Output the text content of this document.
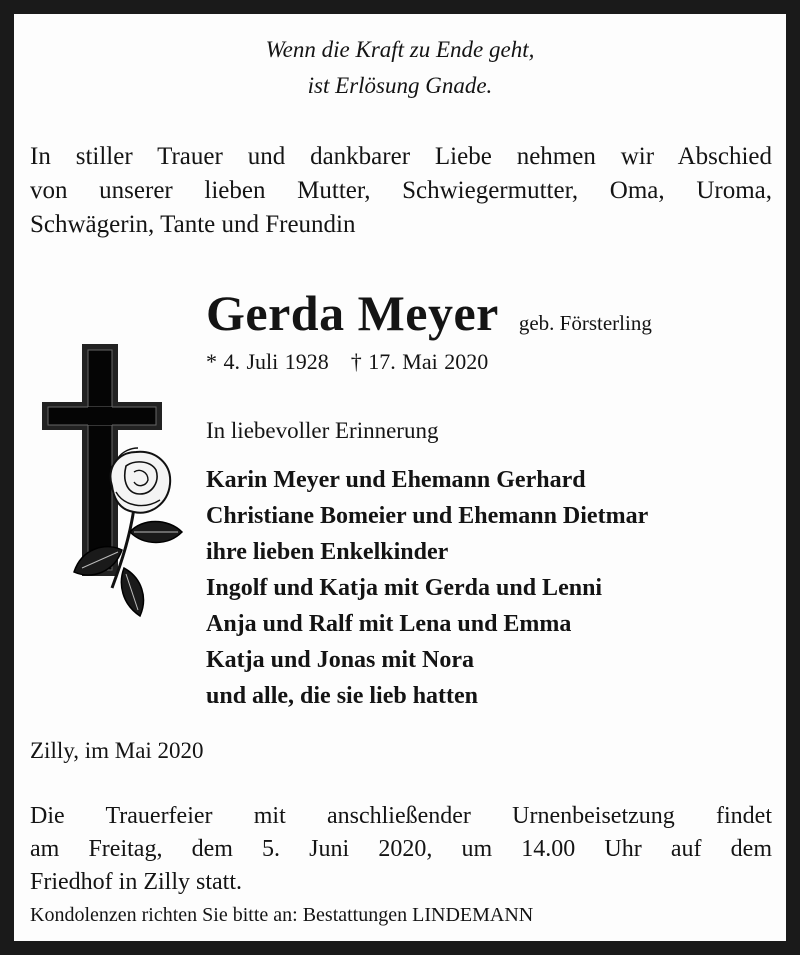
Wenn die Kraft zu Ende geht,
ist Erlösung Gnade.
In stiller Trauer und dankbarer Liebe nehmen wir Abschied
von unserer lieben Mutter, Schwiegermutter, Oma, Uroma,
Schwägerin, Tante und Freundin
Gerda Meyer geb. Försterling
* 4. Juli 1928 † 17. Mai 2020
In liebevoller Erinnerung
Karin Meyer und Ehemann Gerhard
Christiane Bomeier und Ehemann Dietmar
ihre lieben Enkelkinder
Ingolf und Katja mit Gerda und Lenni
Anja und Ralf mit Lena und Emma
Katja und Jonas mit Nora
und alle, die sie lieb hatten
Zilly, im Mai 2020
Die Trauerfeier mit anschließender Urnenbeisetzung findet
am Freitag, dem 5. Juni 2020, um 14.00 Uhr auf dem
Friedhof in Zilly statt.
Kondolenzen richten Sie bitte an: Bestattungen LINDEMANN
